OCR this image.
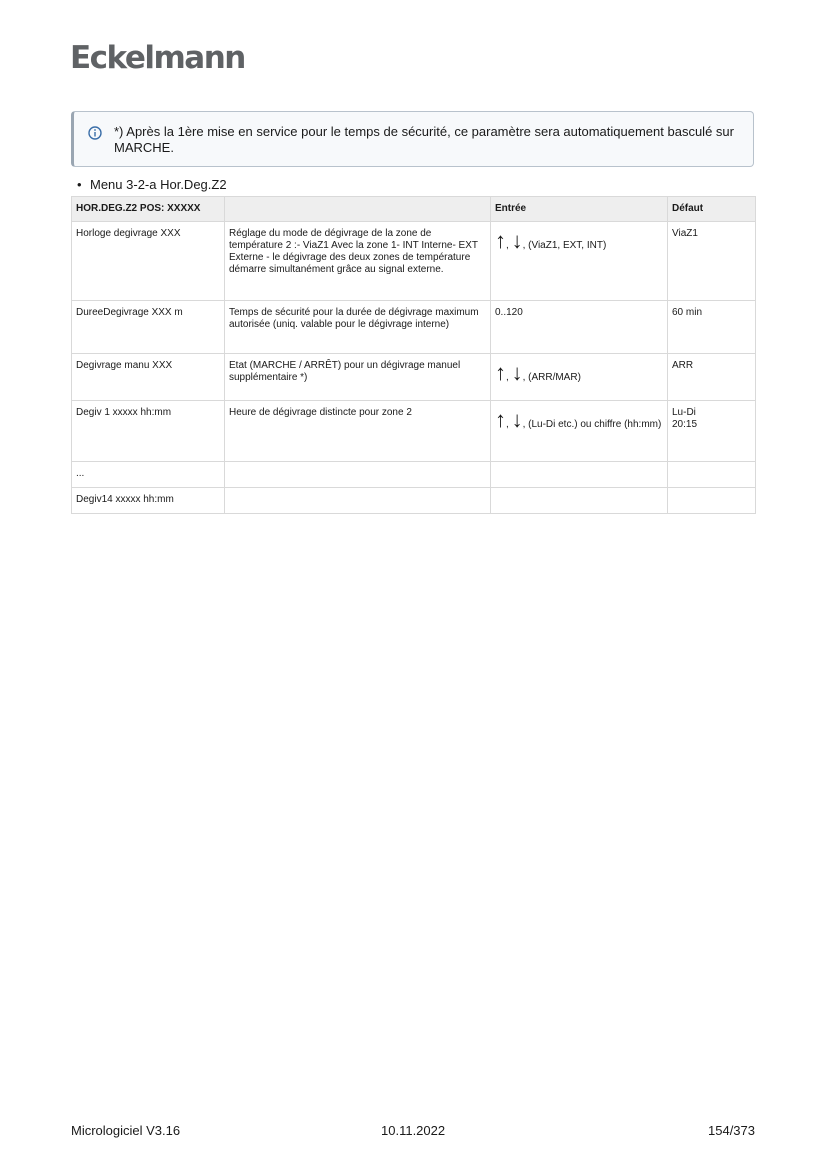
Eckelmann
*) Après la 1ère mise en service pour le temps de sécurité, ce paramètre sera automatiquement basculé sur MARCHE.
• Menu 3-2-a Hor.Deg.Z2
HOR.DEG.Z2 POS: XXXXX		Entrée	Défaut
Horloge degivrage XXX	Réglage du mode de dégivrage de la zone de température 2 :- ViaZ1 Avec la zone 1- INT Interne- EXT Externe - le dégivrage des deux zones de température démarre simultanément grâce au signal externe.	↑, ↓, (ViaZ1, EXT, INT)	ViaZ1
DureeDegivrage XXX m	Temps de sécurité pour la durée de dégivrage maximum autorisée (uniq. valable pour le dégivrage interne)	0..120	60 min
Degivrage manu XXX	Etat (MARCHE / ARRÊT) pour un dégivrage manuel supplémentaire *)	↑, ↓, (ARR/MAR)	ARR
Degiv 1 xxxxx hh:mm	Heure de dégivrage distincte pour zone 2	↑, ↓, (Lu-Di etc.) ou chiffre (hh:mm)	Lu-Di
20:15

...			
Degiv14 xxxxx hh:mm			
Micrologiciel V3.16	10.11.2022	154/373
